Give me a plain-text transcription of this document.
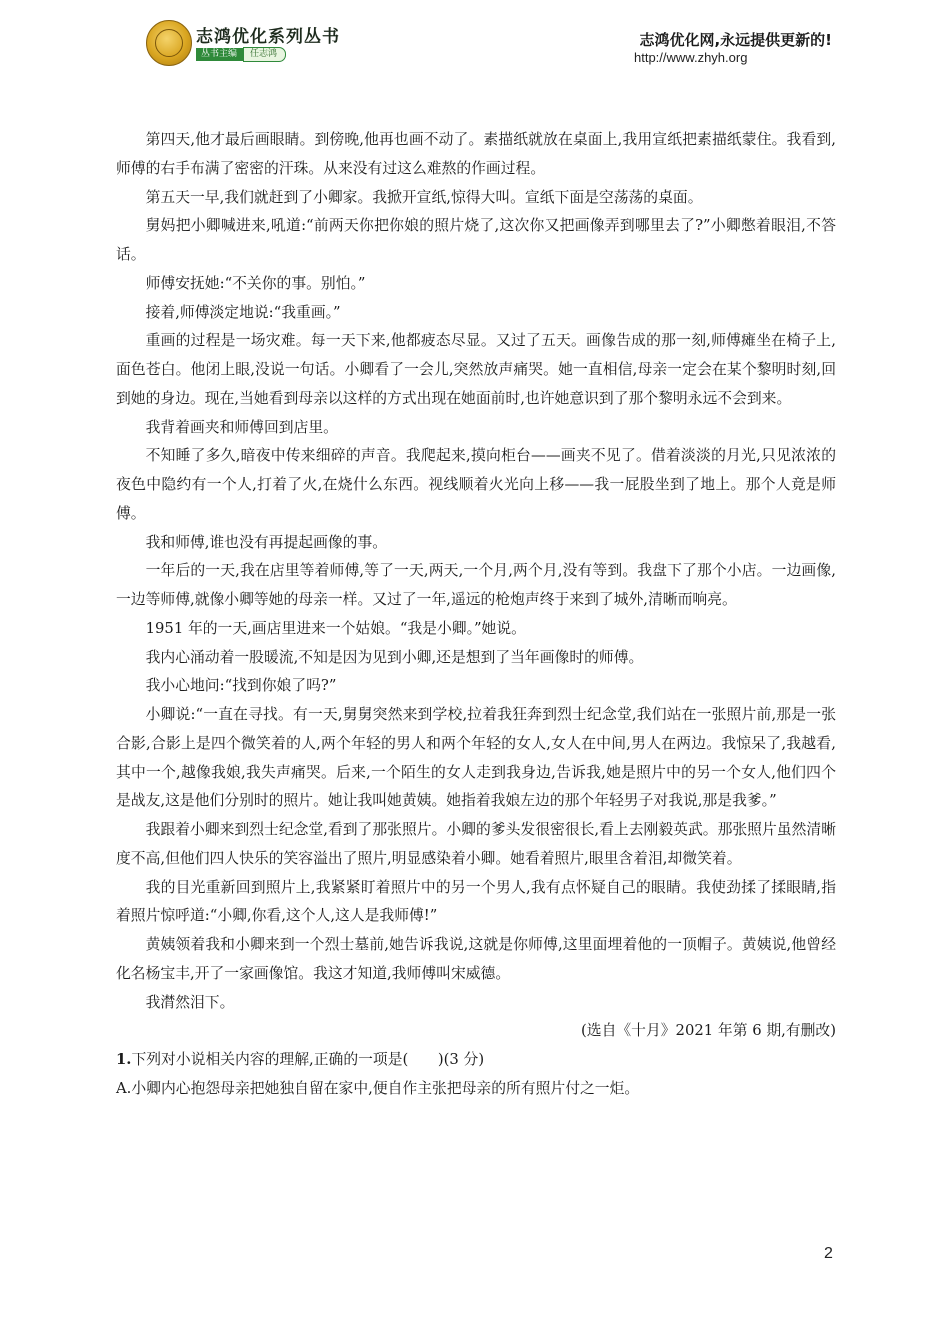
志鸿优化系列丛书
丛书主编	任志鸿
志鸿优化网,永远提供更新的!
http://www.zhyh.org

第四天,他才最后画眼睛。到傍晚,他再也画不动了。素描纸就放在桌面上,我用宣纸把素描纸蒙住。我看到,师傅的右手布满了密密的汗珠。从来没有过这么难熬的作画过程。

第五天一早,我们就赶到了小卿家。我掀开宣纸,惊得大叫。宣纸下面是空荡荡的桌面。

舅妈把小卿喊进来,吼道:“前两天你把你娘的照片烧了,这次你又把画像弄到哪里去了?”小卿憋着眼泪,不答话。

师傅安抚她:“不关你的事。别怕。”

接着,师傅淡定地说:“我重画。”

重画的过程是一场灾难。每一天下来,他都疲态尽显。又过了五天。画像告成的那一刻,师傅瘫坐在椅子上,面色苍白。他闭上眼,没说一句话。小卿看了一会儿,突然放声痛哭。她一直相信,母亲一定会在某个黎明时刻,回到她的身边。现在,当她看到母亲以这样的方式出现在她面前时,也许她意识到了那个黎明永远不会到来。

我背着画夹和师傅回到店里。

不知睡了多久,暗夜中传来细碎的声音。我爬起来,摸向柜台——画夹不见了。借着淡淡的月光,只见浓浓的夜色中隐约有一个人,打着了火,在烧什么东西。视线顺着火光向上移——我一屁股坐到了地上。那个人竟是师傅。

我和师傅,谁也没有再提起画像的事。

一年后的一天,我在店里等着师傅,等了一天,两天,一个月,两个月,没有等到。我盘下了那个小店。一边画像,一边等师傅,就像小卿等她的母亲一样。又过了一年,遥远的枪炮声终于来到了城外,清晰而响亮。

1951 年的一天,画店里进来一个姑娘。“我是小卿。”她说。

我内心涌动着一股暖流,不知是因为见到小卿,还是想到了当年画像时的师傅。

我小心地问:“找到你娘了吗?”

小卿说:“一直在寻找。有一天,舅舅突然来到学校,拉着我狂奔到烈士纪念堂,我们站在一张照片前,那是一张合影,合影上是四个微笑着的人,两个年轻的男人和两个年轻的女人,女人在中间,男人在两边。我惊呆了,我越看,其中一个,越像我娘,我失声痛哭。后来,一个陌生的女人走到我身边,告诉我,她是照片中的另一个女人,他们四个是战友,这是他们分别时的照片。她让我叫她黄姨。她指着我娘左边的那个年轻男子对我说,那是我爹。”

我跟着小卿来到烈士纪念堂,看到了那张照片。小卿的爹头发很密很长,看上去刚毅英武。那张照片虽然清晰度不高,但他们四人快乐的笑容溢出了照片,明显感染着小卿。她看着照片,眼里含着泪,却微笑着。

我的目光重新回到照片上,我紧紧盯着照片中的另一个男人,我有点怀疑自己的眼睛。我使劲揉了揉眼睛,指着照片惊呼道:“小卿,你看,这个人,这人是我师傅!”

黄姨领着我和小卿来到一个烈士墓前,她告诉我说,这就是你师傅,这里面埋着他的一顶帽子。黄姨说,他曾经化名杨宝丰,开了一家画像馆。我这才知道,我师傅叫宋威德。

我潸然泪下。

(选自《十月》2021 年第 6 期,有删改)

1.下列对小说相关内容的理解,正确的一项是(　　)(3 分)

A.小卿内心抱怨母亲把她独自留在家中,便自作主张把母亲的所有照片付之一炬。

2
